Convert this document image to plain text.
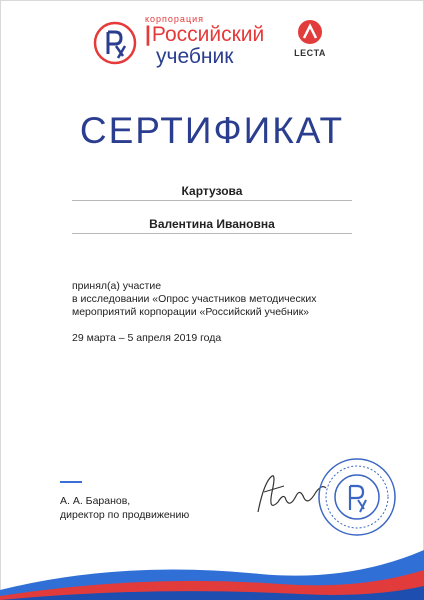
корпорация
|Российский
учебник	LECTA
СЕРТИФИКАТ
Картузова
Валентина Ивановна
принял(а) участие
в исследовании «Опрос участников методических
мероприятий корпорации «Российский учебник»
29 марта – 5 апреля 2019 года
А. А. Баранов,
директор по продвижению
